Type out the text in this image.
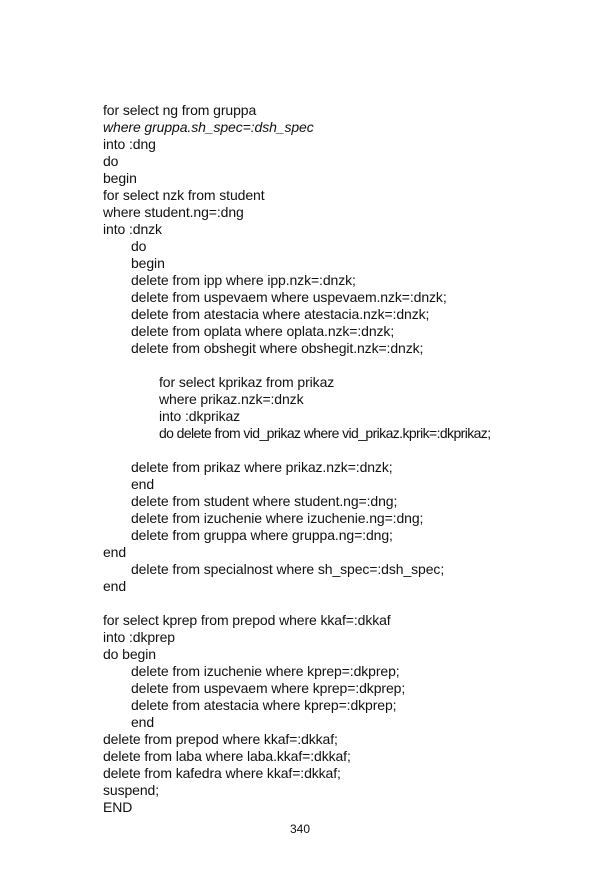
for select ng from gruppa
where gruppa.sh_spec=:dsh_spec
into :dng
do
begin
for select nzk from student
where student.ng=:dng
into :dnzk
do
begin
delete from ipp where ipp.nzk=:dnzk;
delete from uspevaem where uspevaem.nzk=:dnzk;
delete from atestacia where atestacia.nzk=:dnzk;
delete from oplata where oplata.nzk=:dnzk;
delete from obshegit where obshegit.nzk=:dnzk;
for select kprikaz from prikaz
where prikaz.nzk=:dnzk
into :dkprikaz
do delete from vid_prikaz where vid_prikaz.kprik=:dkprikaz;
delete from prikaz where prikaz.nzk=:dnzk;
end
delete from student where student.ng=:dng;
delete from izuchenie where izuchenie.ng=:dng;
delete from gruppa where gruppa.ng=:dng;
end
delete from specialnost where sh_spec=:dsh_spec;
end
for select kprep from prepod where kkaf=:dkkaf
into :dkprep
do begin
delete from izuchenie where kprep=:dkprep;
delete from uspevaem where kprep=:dkprep;
delete from atestacia where kprep=:dkprep;
end
delete from prepod where kkaf=:dkkaf;
delete from laba where laba.kkaf=:dkkaf;
delete from kafedra where kkaf=:dkkaf;
suspend;
END
340
